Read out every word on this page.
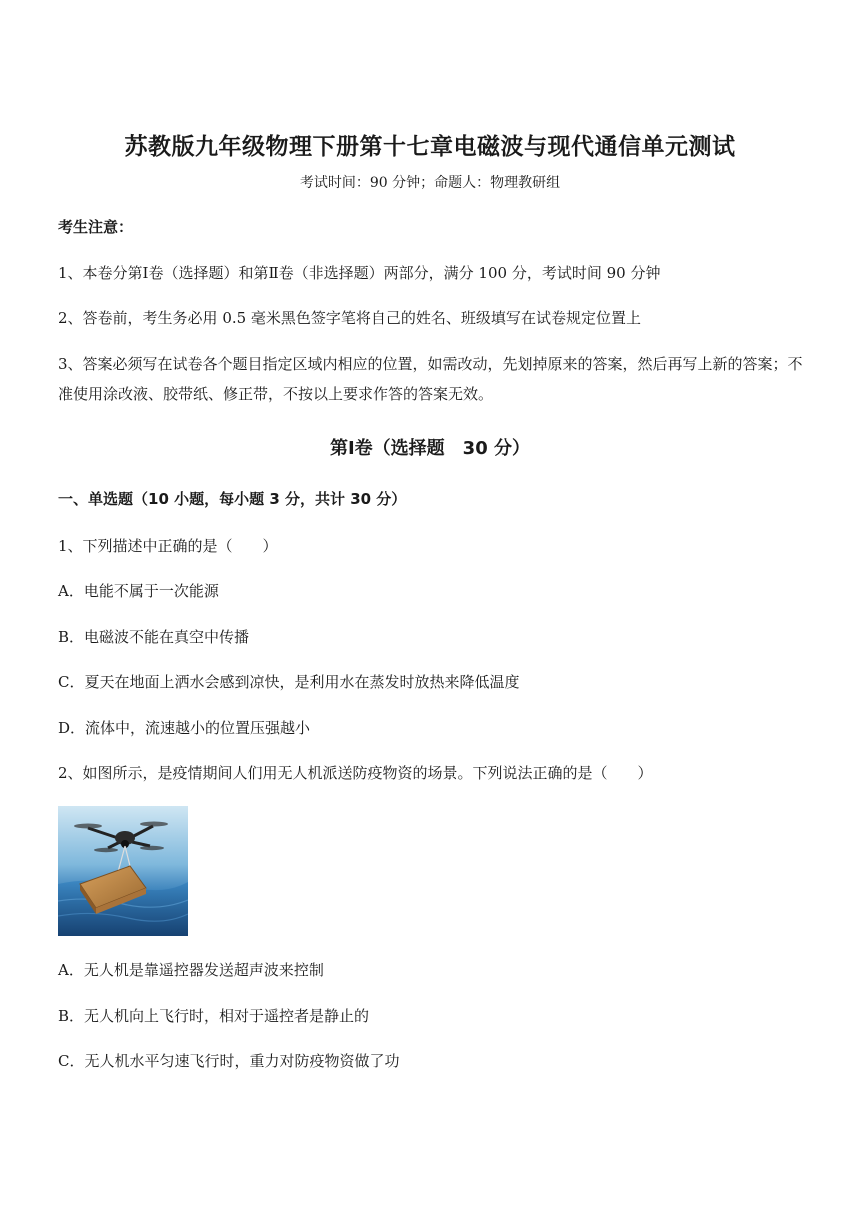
苏教版九年级物理下册第十七章电磁波与现代通信单元测试
考试时间：90 分钟；命题人：物理教研组
考生注意：
1、本卷分第Ⅰ卷（选择题）和第Ⅱ卷（非选择题）两部分，满分 100 分，考试时间 90 分钟
2、答卷前，考生务必用 0.5 毫米黑色签字笔将自己的姓名、班级填写在试卷规定位置上
3、答案必须写在试卷各个题目指定区域内相应的位置，如需改动，先划掉原来的答案，然后再写上新的答案；不准使用涂改液、胶带纸、修正带，不按以上要求作答的答案无效。
第Ⅰ卷（选择题　30 分）
一、单选题（10 小题，每小题 3 分，共计 30 分）
1、下列描述中正确的是（　　）
A．电能不属于一次能源
B．电磁波不能在真空中传播
C．夏天在地面上洒水会感到凉快，是利用水在蒸发时放热来降低温度
D．流体中，流速越小的位置压强越小
2、如图所示，是疫情期间人们用无人机派送防疫物资的场景。下列说法正确的是（　　）
A．无人机是靠遥控器发送超声波来控制
B．无人机向上飞行时，相对于遥控者是静止的
C．无人机水平匀速飞行时，重力对防疫物资做了功
